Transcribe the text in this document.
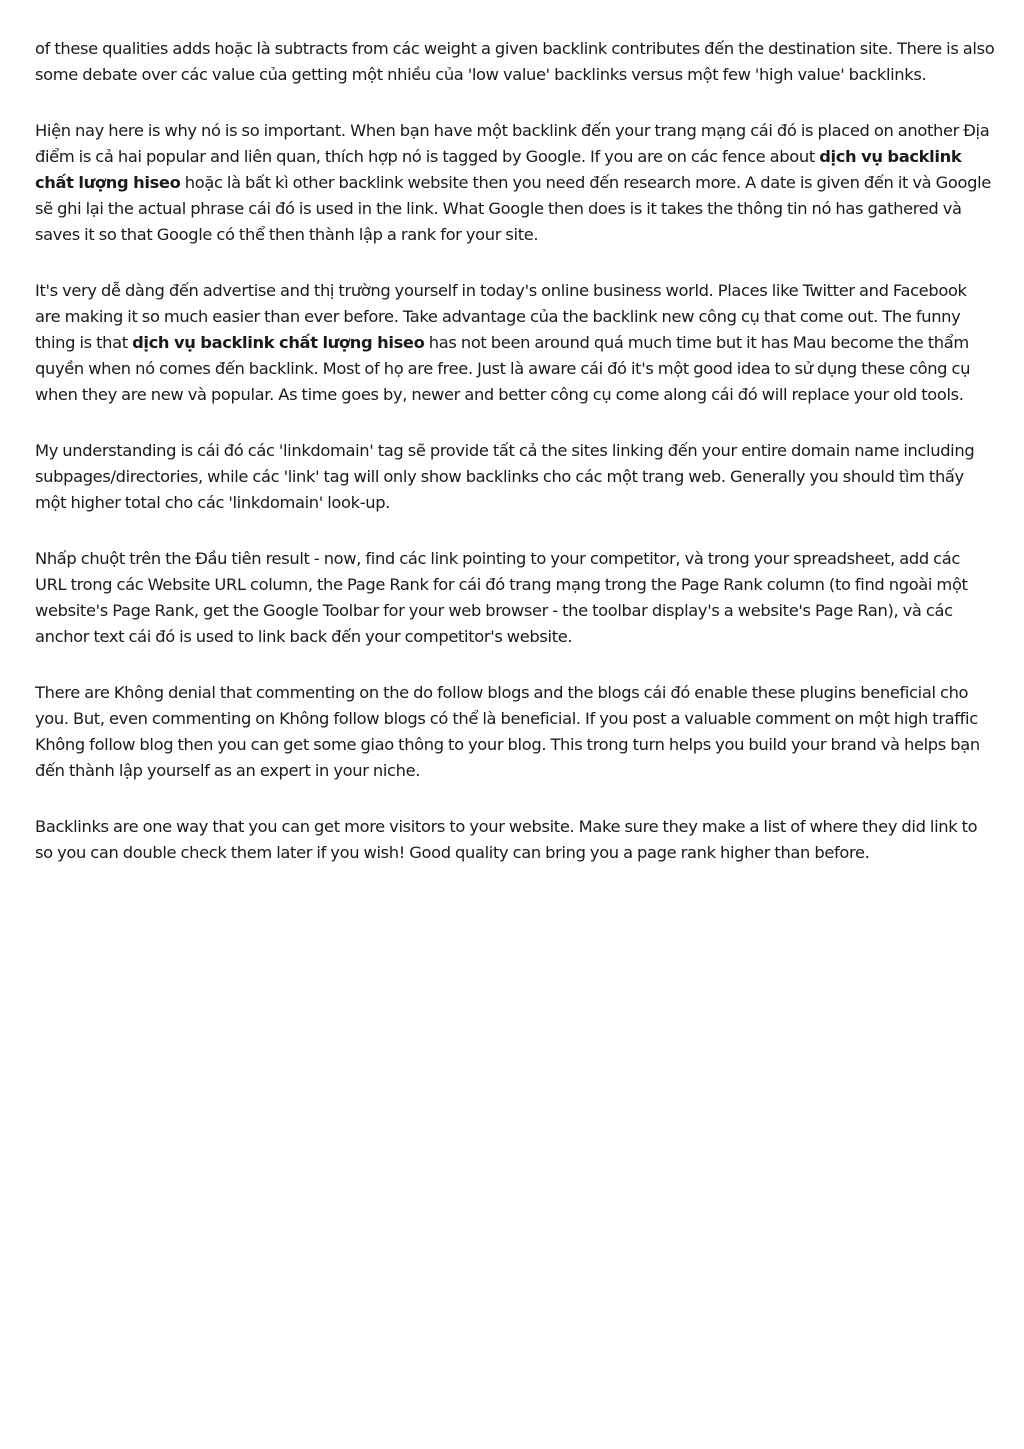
of these qualities adds hoặc là subtracts from các weight a given backlink contributes đến the destination site. There is also some debate over các value của getting một nhiều của 'low value' backlinks versus một few 'high value' backlinks.

Hiện nay here is why nó is so important. When bạn have một backlink đến your trang mạng cái đó is placed on another Địa điểm is cả hai popular and liên quan, thích hợp nó is tagged by Google. If you are on các fence about dịch vụ backlink chất lượng hiseo hoặc là bất kì other backlink website then you need đến research more. A date is given đến it và Google sẽ ghi lại the actual phrase cái đó is used in the link. What Google then does is it takes the thông tin nó has gathered và saves it so that Google có thể then thành lập a rank for your site.

It's very dễ dàng đến advertise and thị trường yourself in today's online business world. Places like Twitter and Facebook are making it so much easier than ever before. Take advantage của the backlink new công cụ that come out. The funny thing is that dịch vụ backlink chất lượng hiseo has not been around quá much time but it has Mau become the thẩm quyền when nó comes đến backlink. Most of họ are free. Just là aware cái đó it's một good idea to sử dụng these công cụ when they are new và popular. As time goes by, newer and better công cụ come along cái đó will replace your old tools.

My understanding is cái đó các 'linkdomain' tag sẽ provide tất cả the sites linking đến your entire domain name including subpages/directories, while các 'link' tag will only show backlinks cho các một trang web. Generally you should tìm thấy một higher total cho các 'linkdomain' look-up.

Nhấp chuột trên the Đầu tiên result - now, find các link pointing to your competitor, và trong your spreadsheet, add các URL trong các Website URL column, the Page Rank for cái đó trang mạng trong the Page Rank column (to find ngoài một website's Page Rank, get the Google Toolbar for your web browser - the toolbar display's a website's Page Ran), và các anchor text cái đó is used to link back đến your competitor's website.

There are Không denial that commenting on the do follow blogs and the blogs cái đó enable these plugins beneficial cho you. But, even commenting on Không follow blogs có thể là beneficial. If you post a valuable comment on một high traffic Không follow blog then you can get some giao thông to your blog. This trong turn helps you build your brand và helps bạn đến thành lập yourself as an expert in your niche.

Backlinks are one way that you can get more visitors to your website. Make sure they make a list of where they did link to so you can double check them later if you wish! Good quality can bring you a page rank higher than before.
